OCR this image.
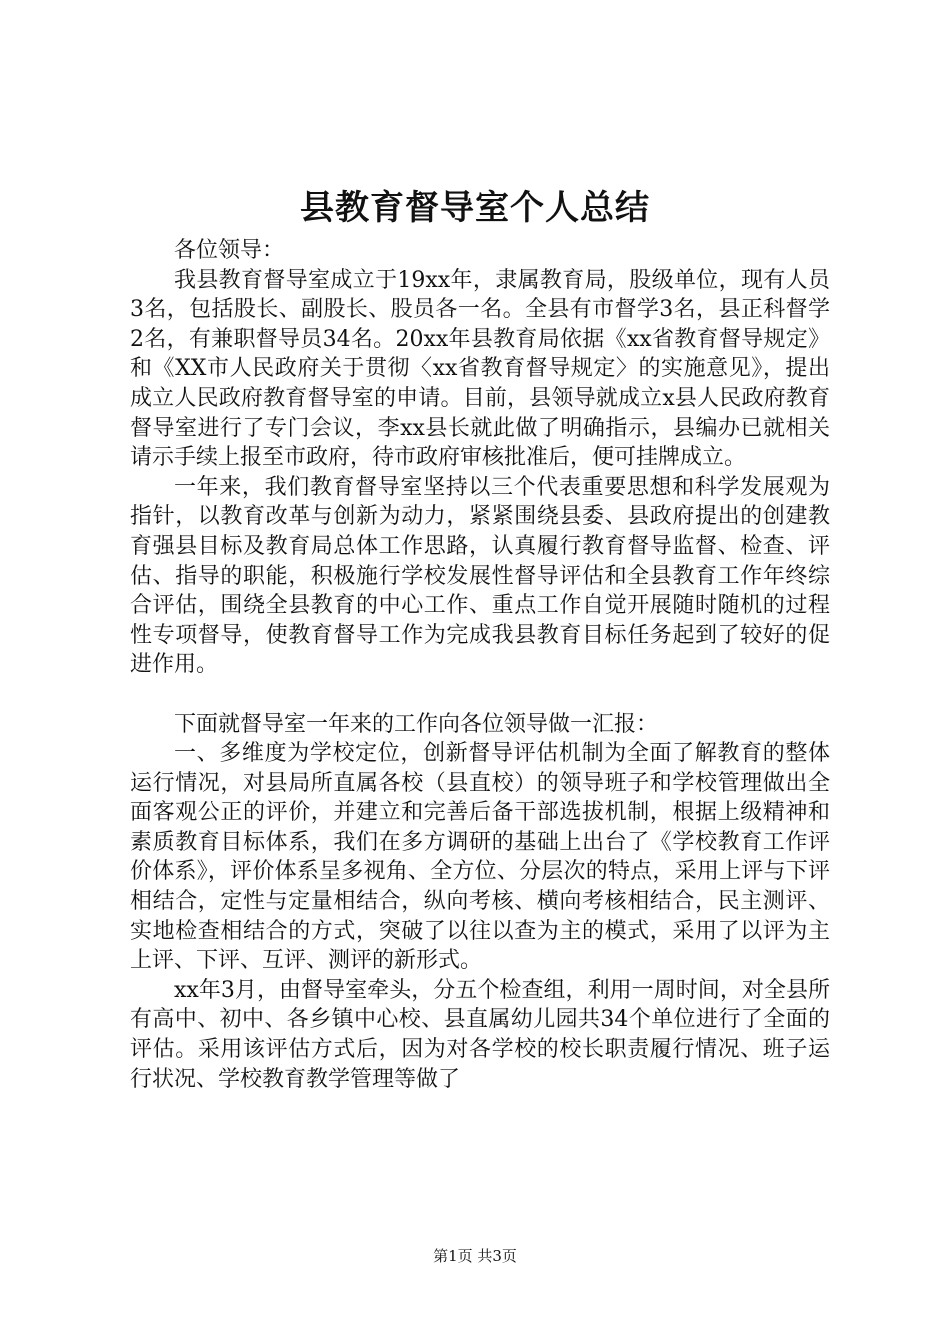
县教育督导室个人总结

各位领导：

我县教育督导室成立于19xx年，隶属教育局，股级单位，现有人员3名，包括股长、副股长、股员各一名。全县有市督学3名，县正科督学2名，有兼职督导员34名。20xx年县教育局依据《xx省教育督导规定》和《XX市人民政府关于贯彻〈xx省教育督导规定〉的实施意见》，提出成立人民政府教育督导室的申请。目前，县领导就成立x县人民政府教育督导室进行了专门会议，李xx县长就此做了明确指示，县编办已就相关请示手续上报至市政府，待市政府审核批准后，便可挂牌成立。

一年来，我们教育督导室坚持以三个代表重要思想和科学发展观为指针，以教育改革与创新为动力，紧紧围绕县委、县政府提出的创建教育强县目标及教育局总体工作思路，认真履行教育督导监督、检查、评估、指导的职能，积极施行学校发展性督导评估和全县教育工作年终综合评估，围绕全县教育的中心工作、重点工作自觉开展随时随机的过程性专项督导，使教育督导工作为完成我县教育目标任务起到了较好的促进作用。

下面就督导室一年来的工作向各位领导做一汇报：

一、多维度为学校定位，创新督导评估机制为全面了解教育的整体运行情况，对县局所直属各校（县直校）的领导班子和学校管理做出全面客观公正的评价，并建立和完善后备干部选拔机制，根据上级精神和素质教育目标体系，我们在多方调研的基础上出台了《学校教育工作评价体系》，评价体系呈多视角、全方位、分层次的特点，采用上评与下评相结合，定性与定量相结合，纵向考核、横向考核相结合，民主测评、实地检查相结合的方式，突破了以往以查为主的模式，采用了以评为主上评、下评、互评、测评的新形式。

xx年3月，由督导室牵头，分五个检查组，利用一周时间，对全县所有高中、初中、各乡镇中心校、县直属幼儿园共34个单位进行了全面的评估。采用该评估方式后，因为对各学校的校长职责履行情况、班子运行状况、学校教育教学管理等做了

第1页 共3页
